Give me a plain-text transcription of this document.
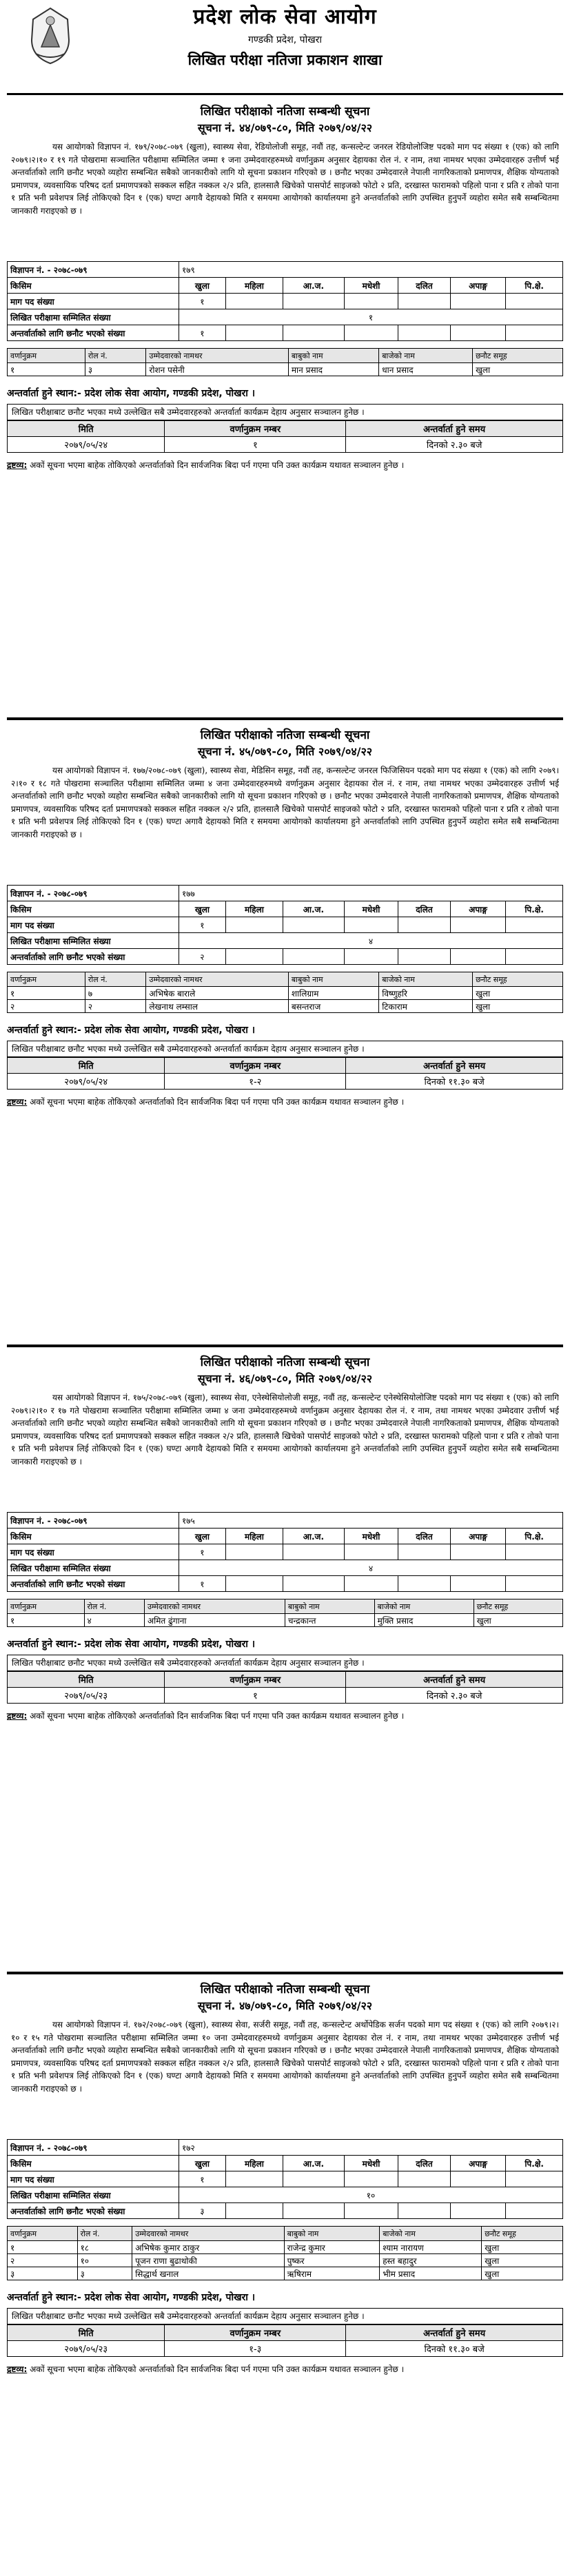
प्रदेश लोक सेवा आयोग
गण्डकी प्रदेश, पोखरा
लिखित परीक्षा नतिजा प्रकाशन शाखा
लिखित परीक्षाको नतिजा सम्बन्धी सूचना
सूचना नं. ४४/०७९-८०, मिति २०७९/०४/२२
यस आयोगको विज्ञापन नं. १७९/२०७८-०७९ (खुला), स्वास्थ्य सेवा, रेडियोलोजी समूह, नवौं तह, कन्सल्टेन्ट जनरल रेडियोलोजिष्ट पदको माग पद संख्या १ (एक) को लागि २०७९।२।१० र १९ गते पोखरामा सञ्चालित परीक्षामा सम्मिलित जम्मा १ जना उम्मेदवारहरुमध्ये वर्णानुक्रम अनुसार देहायका रोल नं. र नाम, तथा नामथर भएका उम्मेदवारहरु उत्तीर्ण भई अन्तर्वार्ताको लागि छनौट भएको व्यहोरा सम्बन्धित सबैको जानकारीको लागि यो सूचना प्रकाशन गरिएको छ । छनौट भएका उम्मेदवारले नेपाली नागरिकताको प्रमाणपत्र, शैक्षिक योग्यताको प्रमाणपत्र, व्यवसायिक परिषद दर्ता प्रमाणपत्रको सक्कल सहित नक्कल २/२ प्रति, हालसालै खिचेको पासपोर्ट साइजको फोटो २ प्रति, दरखास्त फारामको पहिलो पाना र प्रति र तोको पाना १ प्रति भनी प्रवेशपत्र लिई तोकिएको दिन १ (एक) घण्टा अगावै देहायको मिति र समयमा आयोगको कार्यालयमा हुने अन्तर्वार्ताको लागि उपस्थित हुनुपर्ने व्यहोरा समेत सबै सम्बन्धितमा जानकारी गराइएको छ ।
विज्ञापन नं. - २०७८-०७९	१७९						
किसिम	खुला	महिला	आ.ज.	मधेशी	दलित	अपाङ्ग	पि.क्षे.
माग पद संख्या	१						
लिखित परीक्षामा सम्मिलित संख्या	१						
अन्तर्वार्ताको लागि छनौट भएको संख्या	१						
वर्णानुक्रम	रोल नं.	उम्मेदवारको नामथर	बाबुको नाम	बाजेको नाम	छनौट समूह
१	३	रोशन पसेनी	मान प्रसाद	धान प्रसाद	खुला
अन्तर्वार्ता हुने स्थान:- प्रदेश लोक सेवा आयोग, गण्डकी प्रदेश, पोखरा ।
लिखित परीक्षाबाट छनौट भएका मध्ये उल्लेखित सबै उम्मेदवारहरुको अन्तर्वार्ता कार्यक्रम देहाय अनुसार सञ्चालन हुनेछ ।
मिति	वर्णानुक्रम नम्बर	अन्तर्वार्ता हुने समय
२०७९/०५/२४	१	दिनको २.३० बजे
द्रष्टव्य: अकों सूचना भएमा बाहेक तोकिएको अन्तर्वार्ताको दिन सार्वजनिक बिदा पर्न गएमा पनि उक्त कार्यक्रम यथावत सञ्चालन हुनेछ ।
लिखित परीक्षाको नतिजा सम्बन्धी सूचना
सूचना नं. ४५/०७९-८०, मिति २०७९/०४/२२
यस आयोगको विज्ञापन नं. १७७/२०७८-०७९ (खुला), स्वास्थ्य सेवा, मेडिसिन समूह, नवौं तह, कन्सल्टेन्ट जनरल फिजिसियन पदको माग पद संख्या १ (एक) को लागि २०७९।२।१० र १८ गते पोखरामा सञ्चालित परीक्षामा सम्मिलित जम्मा ४ जना उम्मेदवारहरुमध्ये वर्णानुक्रम अनुसार देहायका रोल नं. र नाम, तथा नामथर भएका उम्मेदवारहरु उत्तीर्ण भई अन्तर्वार्ताको लागि छनौट भएको व्यहोरा सम्बन्धित सबैको जानकारीको लागि यो सूचना प्रकाशन गरिएको छ । छनौट भएका उम्मेदवारले नेपाली नागरिकताको प्रमाणपत्र, शैक्षिक योग्यताको प्रमाणपत्र, व्यवसायिक परिषद दर्ता प्रमाणपत्रको सक्कल सहित नक्कल २/२ प्रति, हालसालै खिचेको पासपोर्ट साइजको फोटो २ प्रति, दरखास्त फारामको पहिलो पाना र प्रति र तोको पाना १ प्रति भनी प्रवेशपत्र लिई तोकिएको दिन १ (एक) घण्टा अगावै देहायको मिति र समयमा आयोगको कार्यालयमा हुने अन्तर्वार्ताको लागि उपस्थित हुनुपर्ने व्यहोरा समेत सबै सम्बन्धितमा जानकारी गराइएको छ ।
विज्ञापन नं. - २०७८-०७९	१७७						
किसिम	खुला	महिला	आ.ज.	मधेशी	दलित	अपाङ्ग	पि.क्षे.
माग पद संख्या	१						
लिखित परीक्षामा सम्मिलित संख्या	४						
अन्तर्वार्ताको लागि छनौट भएको संख्या	२						
वर्णानुक्रम	रोल नं.	उम्मेदवारको नामथर	बाबुको नाम	बाजेको नाम	छनौट समूह
१	७	अभिषेक बाराले	शालिग्राम	विष्णुहरि	खुला
२	२	लेखनाथ लम्साल	बसन्तराज	टिकाराम	खुला
अन्तर्वार्ता हुने स्थान:- प्रदेश लोक सेवा आयोग, गण्डकी प्रदेश, पोखरा ।
लिखित परीक्षाबाट छनौट भएका मध्ये उल्लेखित सबै उम्मेदवारहरुको अन्तर्वार्ता कार्यक्रम देहाय अनुसार सञ्चालन हुनेछ ।
मिति	वर्णानुक्रम नम्बर	अन्तर्वार्ता हुने समय
२०७९/०५/२४	१-२	दिनको ११.३० बजे
द्रष्टव्य: अकों सूचना भएमा बाहेक तोकिएको अन्तर्वार्ताको दिन सार्वजनिक बिदा पर्न गएमा पनि उक्त कार्यक्रम यथावत सञ्चालन हुनेछ ।
लिखित परीक्षाको नतिजा सम्बन्धी सूचना
सूचना नं. ४६/०७९-८०, मिति २०७९/०४/२२
यस आयोगको विज्ञापन नं. १७५/२०७८-०७९ (खुला), स्वास्थ्य सेवा, एनेस्थेसियोलोजी समूह, नवौं तह, कन्सल्टेन्ट एनेस्थेसियोलोजिष्ट पदको माग पद संख्या १ (एक) को लागि २०७९।२।१० र १७ गते पोखरामा सञ्चालित परीक्षामा सम्मिलित जम्मा ४ जना उम्मेदवारहरुमध्ये वर्णानुक्रम अनुसार देहायका रोल नं. र नाम, तथा नामथर भएका उम्मेदवार उत्तीर्ण भई अन्तर्वार्ताको लागि छनौट भएको व्यहोरा सम्बन्धित सबैको जानकारीको लागि यो सूचना प्रकाशन गरिएको छ । छनौट भएका उम्मेदवारले नेपाली नागरिकताको प्रमाणपत्र, शैक्षिक योग्यताको प्रमाणपत्र, व्यवसायिक परिषद दर्ता प्रमाणपत्रको सक्कल सहित नक्कल २/२ प्रति, हालसालै खिचेको पासपोर्ट साइजको फोटो २ प्रति, दरखास्त फारामको पहिलो पाना र प्रति र तोको पाना १ प्रति भनी प्रवेशपत्र लिई तोकिएको दिन १ (एक) घण्टा अगावै देहायको मिति र समयमा आयोगको कार्यालयमा हुने अन्तर्वार्ताको लागि उपस्थित हुनुपर्ने व्यहोरा समेत सबै सम्बन्धितमा जानकारी गराइएको छ ।
विज्ञापन नं. - २०७८-०७९	१७५						
किसिम	खुला	महिला	आ.ज.	मधेशी	दलित	अपाङ्ग	पि.क्षे.
माग पद संख्या	१						
लिखित परीक्षामा सम्मिलित संख्या	४						
अन्तर्वार्ताको लागि छनौट भएको संख्या	१						
वर्णानुक्रम	रोल नं.	उम्मेदवारको नामथर	बाबुको नाम	बाजेको नाम	छनौट समूह
१	४	अमित ढुंगाना	चन्द्रकान्त	मुक्ति प्रसाद	खुला
अन्तर्वार्ता हुने स्थान:- प्रदेश लोक सेवा आयोग, गण्डकी प्रदेश, पोखरा ।
लिखित परीक्षाबाट छनौट भएका मध्ये उल्लेखित सबै उम्मेदवारहरुको अन्तर्वार्ता कार्यक्रम देहाय अनुसार सञ्चालन हुनेछ ।
मिति	वर्णानुक्रम नम्बर	अन्तर्वार्ता हुने समय
२०७९/०५/२३	१	दिनको २.३० बजे
द्रष्टव्य: अकों सूचना भएमा बाहेक तोकिएको अन्तर्वार्ताको दिन सार्वजनिक बिदा पर्न गएमा पनि उक्त कार्यक्रम यथावत सञ्चालन हुनेछ ।
लिखित परीक्षाको नतिजा सम्बन्धी सूचना
सूचना नं. ४७/०७९-८०, मिति २०७९/०४/२२
यस आयोगको विज्ञापन नं. १७२/२०७८-०७९ (खुला), स्वास्थ्य सेवा, सर्जरी समूह, नवौं तह, कन्सल्टेन्ट अर्थोपेडिक सर्जन पदको माग पद संख्या १ (एक) को लागि २०७९।२।१० र १५ गते पोखरामा सञ्चालित परीक्षामा सम्मिलित जम्मा १० जना उम्मेदवारहरुमध्ये वर्णानुक्रम अनुसार देहायका रोल नं. र नाम, तथा नामथर भएका उम्मेदवारहरु उत्तीर्ण भई अन्तर्वार्ताको लागि छनौट भएको व्यहोरा सम्बन्धित सबैको जानकारीको लागि यो सूचना प्रकाशन गरिएको छ । छनौट भएका उम्मेदवारले नेपाली नागरिकताको प्रमाणपत्र, शैक्षिक योग्यताको प्रमाणपत्र, व्यवसायिक परिषद दर्ता प्रमाणपत्रको सक्कल सहित नक्कल २/२ प्रति, हालसालै खिचेको पासपोर्ट साइजको फोटो २ प्रति, दरखास्त फारामको पहिलो पाना र प्रति र तोको पाना १ प्रति भनी प्रवेशपत्र लिई तोकिएको दिन १ (एक) घण्टा अगावै देहायको मिति र समयमा आयोगको कार्यालयमा हुने अन्तर्वार्ताको लागि उपस्थित हुनुपर्ने व्यहोरा समेत सबै सम्बन्धितमा जानकारी गराइएको छ ।
विज्ञापन नं. - २०७८-०७९	१७२						
किसिम	खुला	महिला	आ.ज.	मधेशी	दलित	अपाङ्ग	पि.क्षे.
माग पद संख्या	१						
लिखित परीक्षामा सम्मिलित संख्या	१०						
अन्तर्वार्ताको लागि छनौट भएको संख्या	३						
वर्णानुक्रम	रोल नं.	उम्मेदवारको नामथर	बाबुको नाम	बाजेको नाम	छनौट समूह
१	१८	अभिषेक कुमार ठाकुर	राजेन्द्र कुमार	श्याम नारायण	खुला
२	१०	पूजन राणा बुढाथोकी	पुष्कर	हस्त बहादुर	खुला
३	३	सिद्धार्थ खनाल	ऋषिराम	भीम प्रसाद	खुला
अन्तर्वार्ता हुने स्थान:- प्रदेश लोक सेवा आयोग, गण्डकी प्रदेश, पोखरा ।
लिखित परीक्षाबाट छनौट भएका मध्ये उल्लेखित सबै उम्मेदवारहरुको अन्तर्वार्ता कार्यक्रम देहाय अनुसार सञ्चालन हुनेछ ।
मिति	वर्णानुक्रम नम्बर	अन्तर्वार्ता हुने समय
२०७९/०५/२३	१-३	दिनको ११.३० बजे
द्रष्टव्य: अकों सूचना भएमा बाहेक तोकिएको अन्तर्वार्ताको दिन सार्वजनिक बिदा पर्न गएमा पनि उक्त कार्यक्रम यथावत सञ्चालन हुनेछ ।
